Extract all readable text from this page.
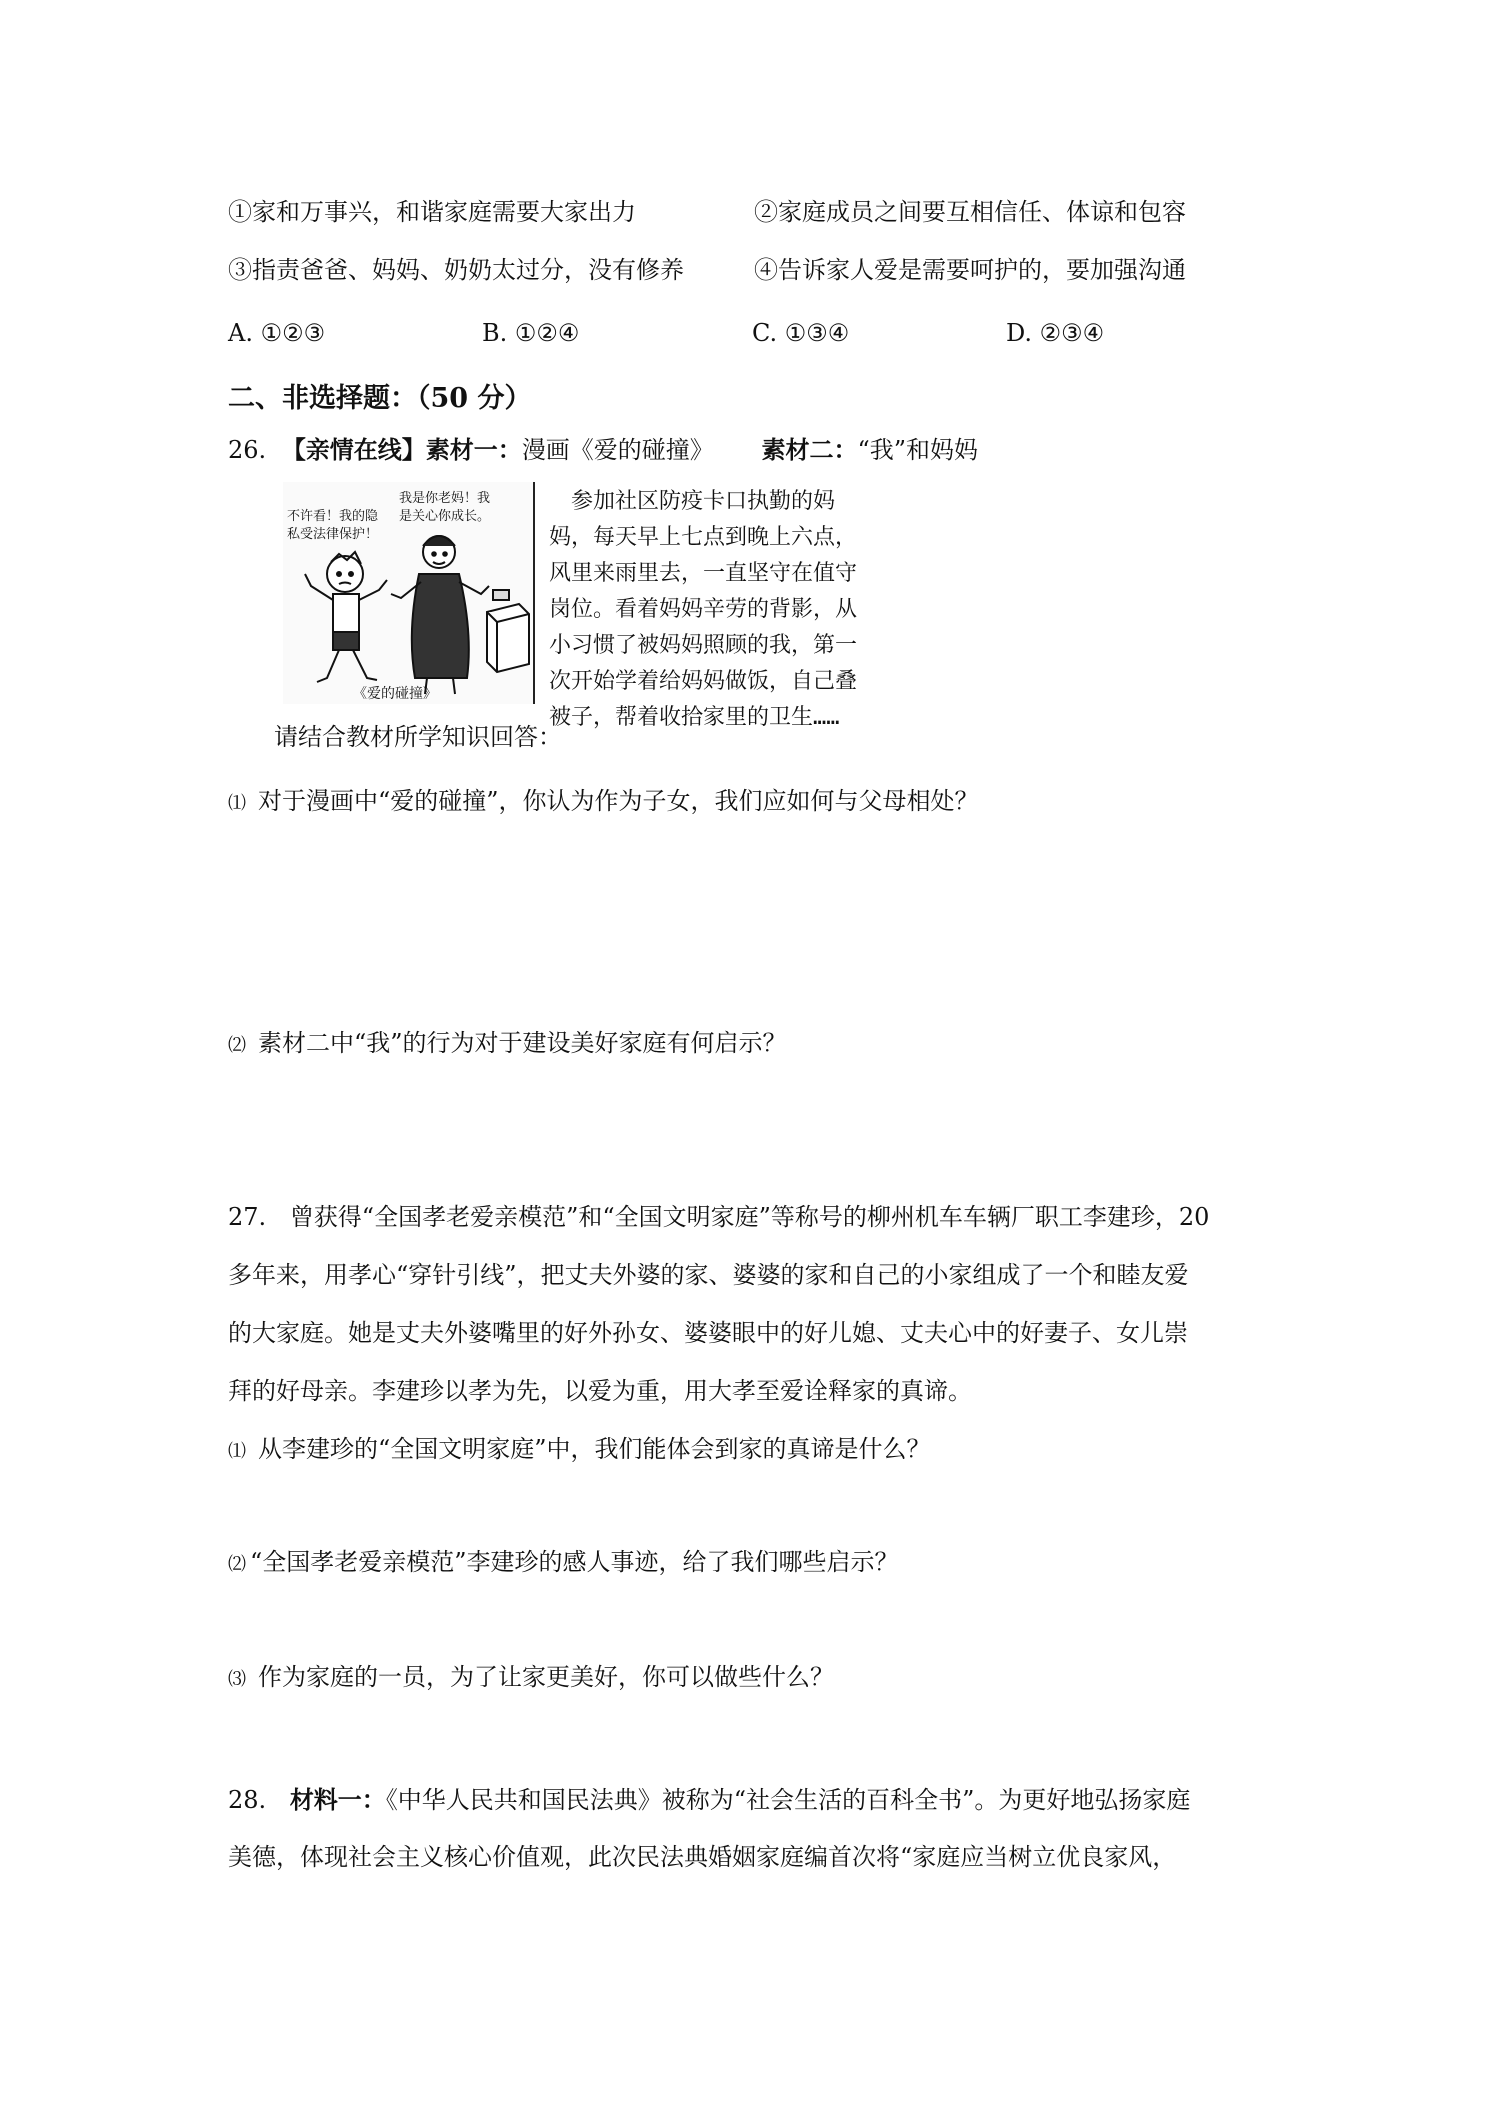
①家和万事兴，和谐家庭需要大家出力	②家庭成员之间要互相信任、体谅和包容
③指责爸爸、妈妈、奶奶太过分，没有修养	④告诉家人爱是需要呵护的，要加强沟通
A. ①②③	B. ①②④	C. ①③④	D. ②③④
二、非选择题：（50 分）
26. 【亲情在线】素材一：漫画《爱的碰撞》 素材二：“我”和妈妈
不许看！我的隐
私受法律保护！
我是你老妈！我
是关心你成长。
《爱的碰撞》

　参加社区防疫卡口执勤的妈

妈，每天早上七点到晚上六点，

风里来雨里去，一直坚守在值守

岗位。看着妈妈辛劳的背影，从

小习惯了被妈妈照顾的我，第一

次开始学着给妈妈做饭，自己叠

被子，帮着收拾家里的卫生……

请结合教材所学知识回答：
⑴ 对于漫画中“爱的碰撞”，你认为作为子女，我们应如何与父母相处？
⑵ 素材二中“我”的行为对于建设美好家庭有何启示？
27. 曾获得“全国孝老爱亲模范”和“全国文明家庭”等称号的柳州机车车辆厂职工李建珍，20
多年来，用孝心“穿针引线”，把丈夫外婆的家、婆婆的家和自己的小家组成了一个和睦友爱
的大家庭。她是丈夫外婆嘴里的好外孙女、婆婆眼中的好儿媳、丈夫心中的好妻子、女儿崇
拜的好母亲。李建珍以孝为先，以爱为重，用大孝至爱诠释家的真谛。
⑴ 从李建珍的“全国文明家庭”中，我们能体会到家的真谛是什么？
⑵ “全国孝老爱亲模范”李建珍的感人事迹，给了我们哪些启示？
⑶ 作为家庭的一员，为了让家更美好，你可以做些什么？
28. 材料一：《中华人民共和国民法典》被称为“社会生活的百科全书”。为更好地弘扬家庭
美德，体现社会主义核心价值观，此次民法典婚姻家庭编首次将“家庭应当树立优良家风，
